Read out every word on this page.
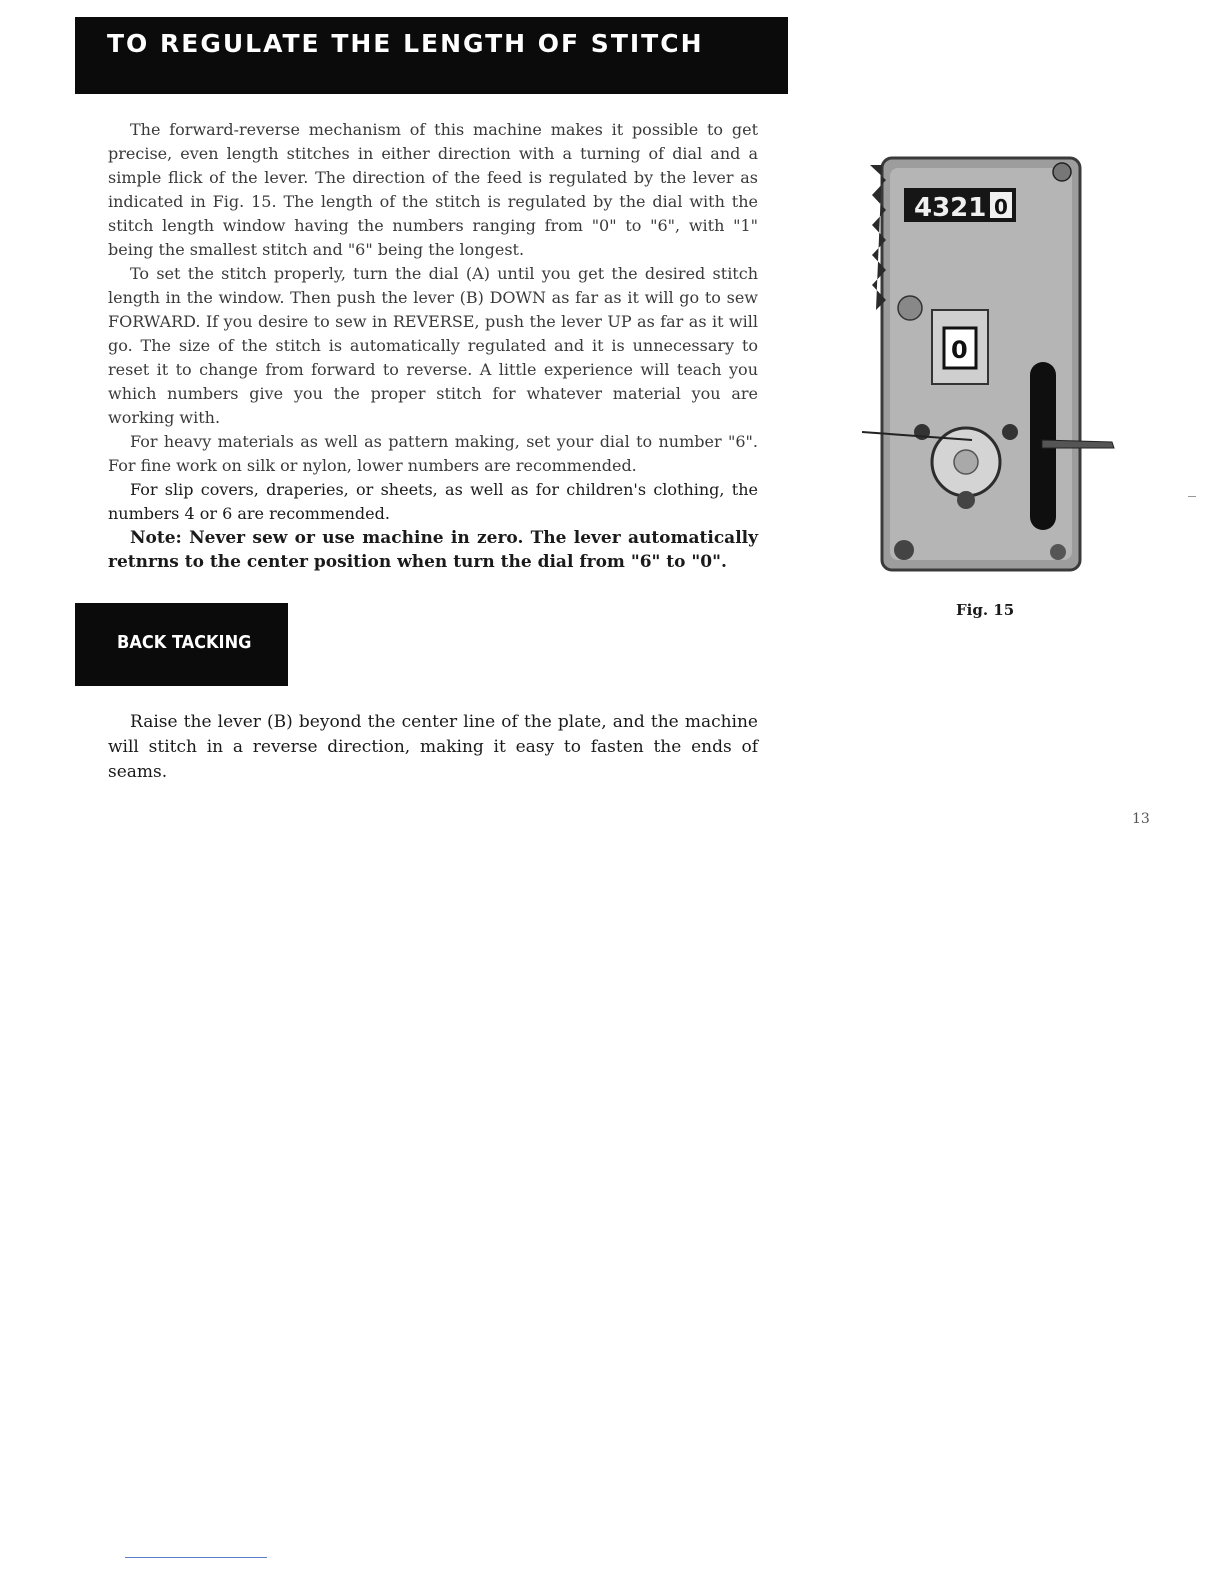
TO REGULATE THE LENGTH OF STITCH

The forward-reverse mechanism of this machine makes it possible to get precise, even length stitches in either direction with a turning of dial and a simple flick of the lever. The direction of the feed is regulated by the lever as indicated in Fig. 15. The length of the stitch is regulated by the dial with the stitch length window having the numbers ranging from "0" to "6", with "1" being the smallest stitch and "6" being the longest.

To set the stitch properly, turn the dial (A) until you get the desired stitch length in the window. Then push the lever (B) DOWN as far as it will go to sew FORWARD. If you desire to sew in REVERSE, push the lever UP as far as it will go. The size of the stitch is automatically regulated and it is unnecessary to reset it to change from forward to reverse. A little experience will teach you which numbers give you the proper stitch for whatever material you are working with.

For heavy materials as well as pattern making, set your dial to number "6". For fine work on silk or nylon, lower numbers are recommended.

For slip covers, draperies, or sheets, as well as for children's clothing, the numbers 4 or 6 are recommended.

Note: Never sew or use machine in zero. The lever automatically retnrns to the center position when turn the dial from "6" to "0".

BACK TACKING

Raise the lever (B) beyond the center line of the plate, and the machine will stitch in a reverse direction, making it easy to fasten the ends of seams.

4321 0
0
Fig. 15
13
